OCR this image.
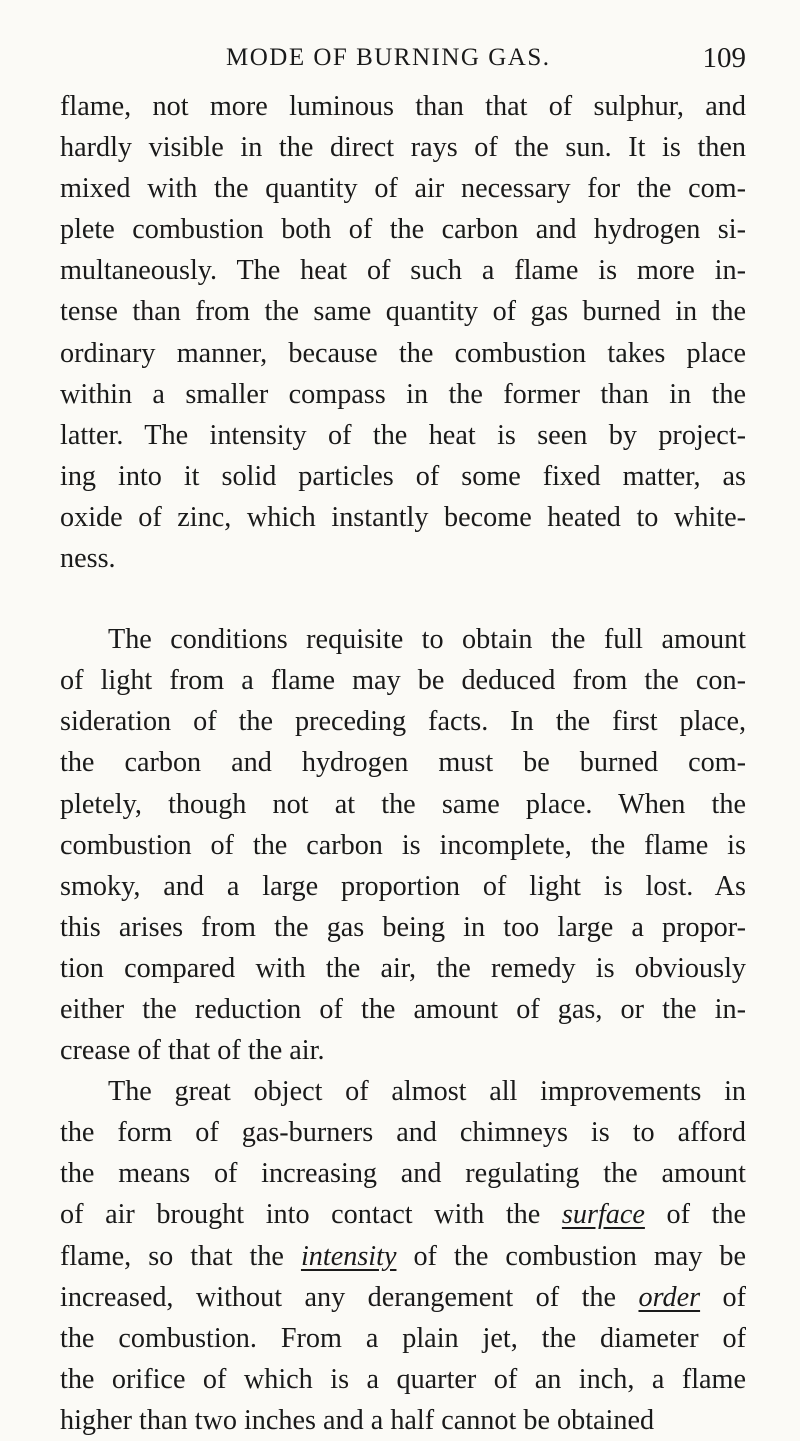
MODE OF BURNING GAS.	109
flame, not more luminous than that of sulphur, and
hardly visible in the direct rays of the sun. It is then
mixed with the quantity of air necessary for the com-
plete combustion both of the carbon and hydrogen si-
multaneously. The heat of such a flame is more in-
tense than from the same quantity of gas burned in the
ordinary manner, because the combustion takes place
within a smaller compass in the former than in the
latter. The intensity of the heat is seen by project-
ing into it solid particles of some fixed matter, as
oxide of zinc, which instantly become heated to white-
ness.
The conditions requisite to obtain the full amount
of light from a flame may be deduced from the con-
sideration of the preceding facts. In the first place,
the carbon and hydrogen must be burned com-
pletely, though not at the same place. When the
combustion of the carbon is incomplete, the flame is
smoky, and a large proportion of light is lost. As
this arises from the gas being in too large a propor-
tion compared with the air, the remedy is obviously
either the reduction of the amount of gas, or the in-
crease of that of the air.
The great object of almost all improvements in
the form of gas-burners and chimneys is to afford
the means of increasing and regulating the amount
of air brought into contact with the surface of the
flame, so that the intensity of the combustion may be
increased, without any derangement of the order of
the combustion. From a plain jet, the diameter of
the orifice of which is a quarter of an inch, a flame
higher than two inches and a half cannot be obtained
